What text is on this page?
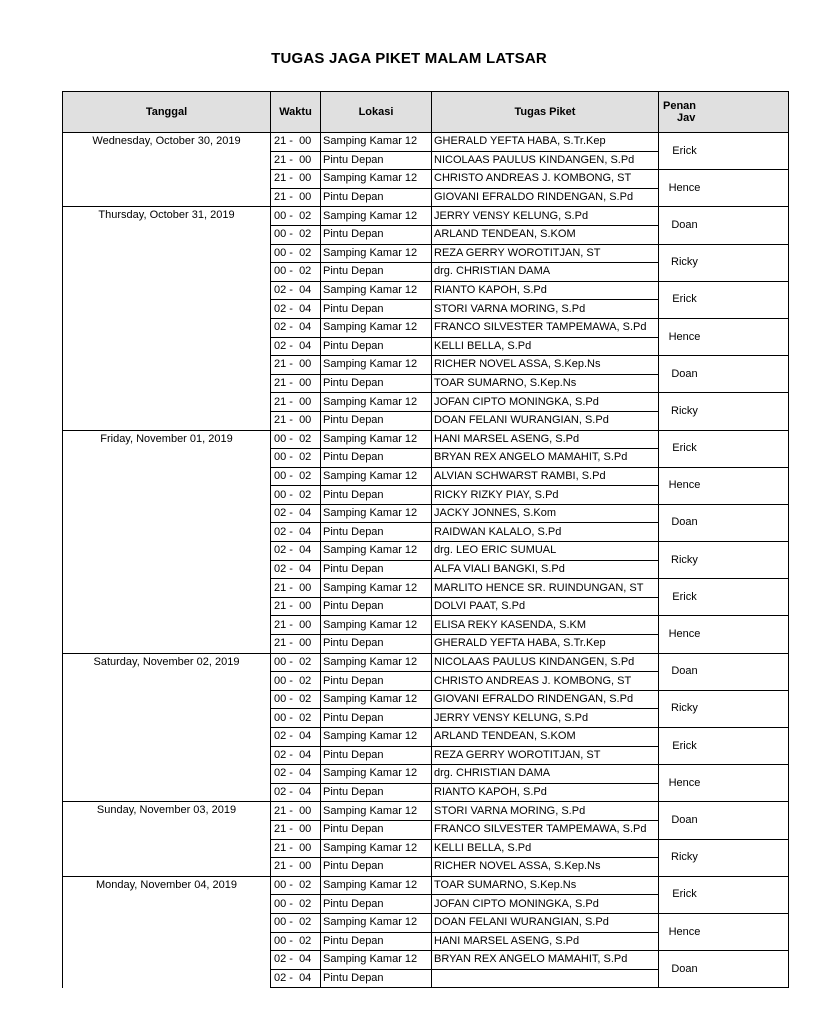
TUGAS JAGA PIKET MALAM LATSAR
Tanggal	Waktu	Lokasi	Tugas Piket	Penan
Jav

Wednesday, October 30, 2019	21 -  00	Samping Kamar 12	GHERALD YEFTA HABA, S.Tr.Kep	Erick
	21 -  00	Pintu Depan	NICOLAAS PAULUS KINDANGEN, S.Pd	
	21 -  00	Samping Kamar 12	CHRISTO ANDREAS J. KOMBONG, ST	Hence
	21 -  00	Pintu Depan	GIOVANI EFRALDO RINDENGAN, S.Pd	
Thursday, October 31, 2019	00 -  02	Samping Kamar 12	JERRY VENSY KELUNG, S.Pd	Doan
	00 -  02	Pintu Depan	ARLAND TENDEAN, S.KOM	
	00 -  02	Samping Kamar 12	REZA GERRY WOROTITJAN, ST	Ricky
	00 -  02	Pintu Depan	drg. CHRISTIAN DAMA	
	02 -  04	Samping Kamar 12	RIANTO KAPOH, S.Pd	Erick
	02 -  04	Pintu Depan	STORI VARNA MORING, S.Pd	
	02 -  04	Samping Kamar 12	FRANCO SILVESTER TAMPEMAWA, S.Pd	Hence
	02 -  04	Pintu Depan	KELLI BELLA, S.Pd	
	21 -  00	Samping Kamar 12	RICHER NOVEL ASSA, S.Kep.Ns	Doan
	21 -  00	Pintu Depan	TOAR SUMARNO, S.Kep.Ns	
	21 -  00	Samping Kamar 12	JOFAN CIPTO MONINGKA, S.Pd	Ricky
	21 -  00	Pintu Depan	DOAN FELANI WURANGIAN, S.Pd	
Friday, November 01, 2019	00 -  02	Samping Kamar 12	HANI MARSEL ASENG, S.Pd	Erick
	00 -  02	Pintu Depan	BRYAN REX ANGELO MAMAHIT, S.Pd	
	00 -  02	Samping Kamar 12	ALVIAN SCHWARST RAMBI, S.Pd	Hence
	00 -  02	Pintu Depan	RICKY RIZKY PIAY, S.Pd	
	02 -  04	Samping Kamar 12	JACKY JONNES, S.Kom	Doan
	02 -  04	Pintu Depan	RAIDWAN KALALO, S.Pd	
	02 -  04	Samping Kamar 12	drg. LEO ERIC SUMUAL	Ricky
	02 -  04	Pintu Depan	ALFA VIALI BANGKI, S.Pd	
	21 -  00	Samping Kamar 12	MARLITO HENCE SR. RUINDUNGAN, ST	Erick
	21 -  00	Pintu Depan	DOLVI PAAT, S.Pd	
	21 -  00	Samping Kamar 12	ELISA REKY KASENDA, S.KM	Hence
	21 -  00	Pintu Depan	GHERALD YEFTA HABA, S.Tr.Kep	
Saturday, November 02, 2019	00 -  02	Samping Kamar 12	NICOLAAS PAULUS KINDANGEN, S.Pd	Doan
	00 -  02	Pintu Depan	CHRISTO ANDREAS J. KOMBONG, ST	
	00 -  02	Samping Kamar 12	GIOVANI EFRALDO RINDENGAN, S.Pd	Ricky
	00 -  02	Pintu Depan	JERRY VENSY KELUNG, S.Pd	
	02 -  04	Samping Kamar 12	ARLAND TENDEAN, S.KOM	Erick
	02 -  04	Pintu Depan	REZA GERRY WOROTITJAN, ST	
	02 -  04	Samping Kamar 12	drg. CHRISTIAN DAMA	Hence
	02 -  04	Pintu Depan	RIANTO KAPOH, S.Pd	
Sunday, November 03, 2019	21 -  00	Samping Kamar 12	STORI VARNA MORING, S.Pd	Doan
	21 -  00	Pintu Depan	FRANCO SILVESTER TAMPEMAWA, S.Pd	
	21 -  00	Samping Kamar 12	KELLI BELLA, S.Pd	Ricky
	21 -  00	Pintu Depan	RICHER NOVEL ASSA, S.Kep.Ns	
Monday, November 04, 2019	00 -  02	Samping Kamar 12	TOAR SUMARNO, S.Kep.Ns	Erick
	00 -  02	Pintu Depan	JOFAN CIPTO MONINGKA, S.Pd	
	00 -  02	Samping Kamar 12	DOAN FELANI WURANGIAN, S.Pd	Hence
	00 -  02	Pintu Depan	HANI MARSEL ASENG, S.Pd	
	02 -  04	Samping Kamar 12	BRYAN REX ANGELO MAMAHIT, S.Pd	Doan
	02 -  04	Pintu Depan		
